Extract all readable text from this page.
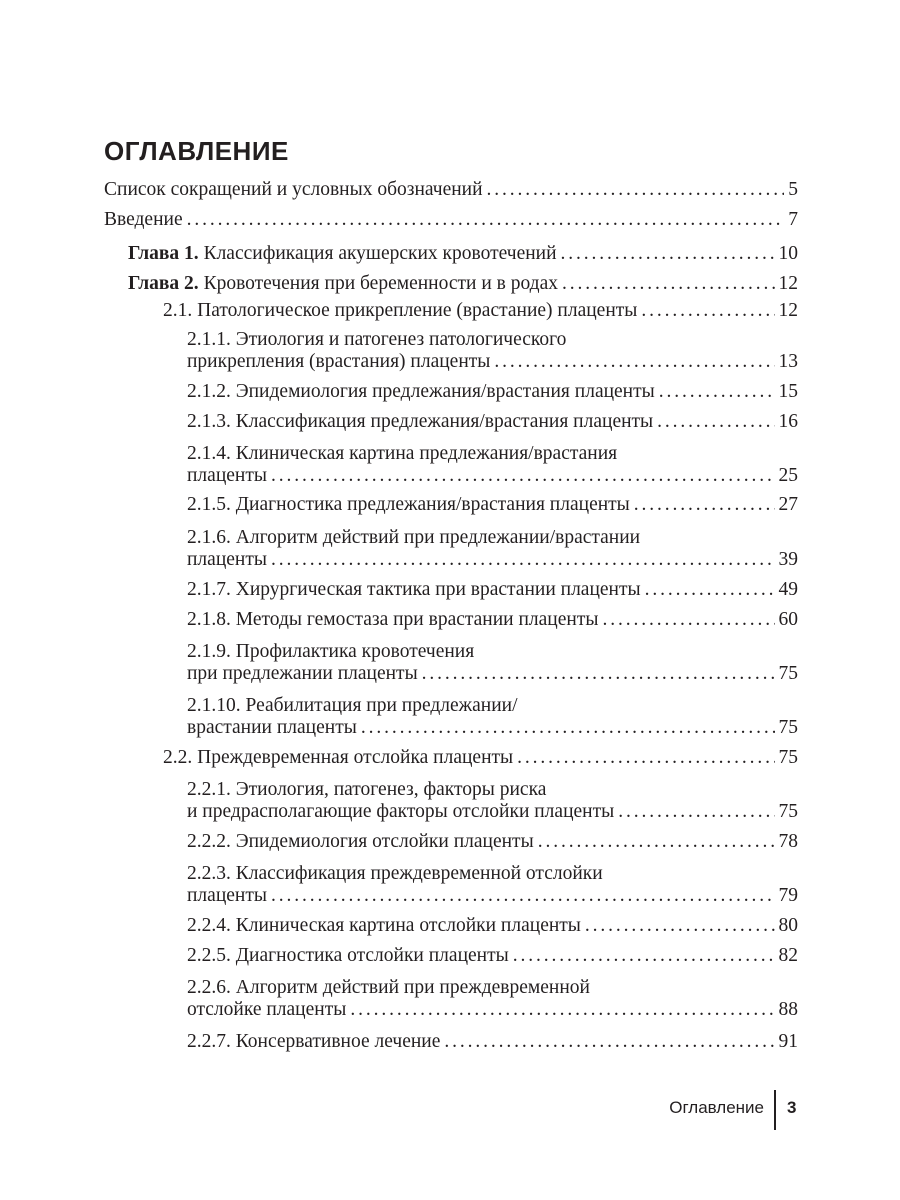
ОГЛАВЛЕНИЕ
Список сокращений и условных обозначений . . .	5
Введение . . .	7
Глава 1. Классификация акушерских кровотечений . . .	10
Глава 2. Кровотечения при беременности и в родах . . .	12
2.1. Патологическое прикрепление (врастание) плаценты . . .	12
2.1.1. Этиология и патогенез патологического
прикрепления (врастания) плаценты . . .	13
2.1.2. Эпидемиология предлежания/врастания плаценты . . .	15
2.1.3. Классификация предлежания/врастания плаценты . . .	16
2.1.4. Клиническая картина предлежания/врастания
плаценты . . .	25
2.1.5. Диагностика предлежания/врастания плаценты . . .	27
2.1.6. Алгоритм действий при предлежании/врастании
плаценты . . .	39
2.1.7. Хирургическая тактика при врастании плаценты . . .	49
2.1.8. Методы гемостаза при врастании плаценты . . .	60
2.1.9. Профилактика кровотечения
при предлежании плаценты . . .	75
2.1.10. Реабилитация при предлежании/
врастании плаценты . . .	75
2.2. Преждевременная отслойка плаценты . . .	75
2.2.1. Этиология, патогенез, факторы риска
и предрасполагающие факторы отслойки плаценты . . .	75
2.2.2. Эпидемиология отслойки плаценты . . .	78
2.2.3. Классификация преждевременной отслойки
плаценты . . .	79
2.2.4. Клиническая картина отслойки плаценты . . .	80
2.2.5. Диагностика отслойки плаценты . . .	82
2.2.6. Алгоритм действий при преждевременной
отслойке плаценты . . .	88
2.2.7. Консервативное лечение . . .	91
Оглавление 3
